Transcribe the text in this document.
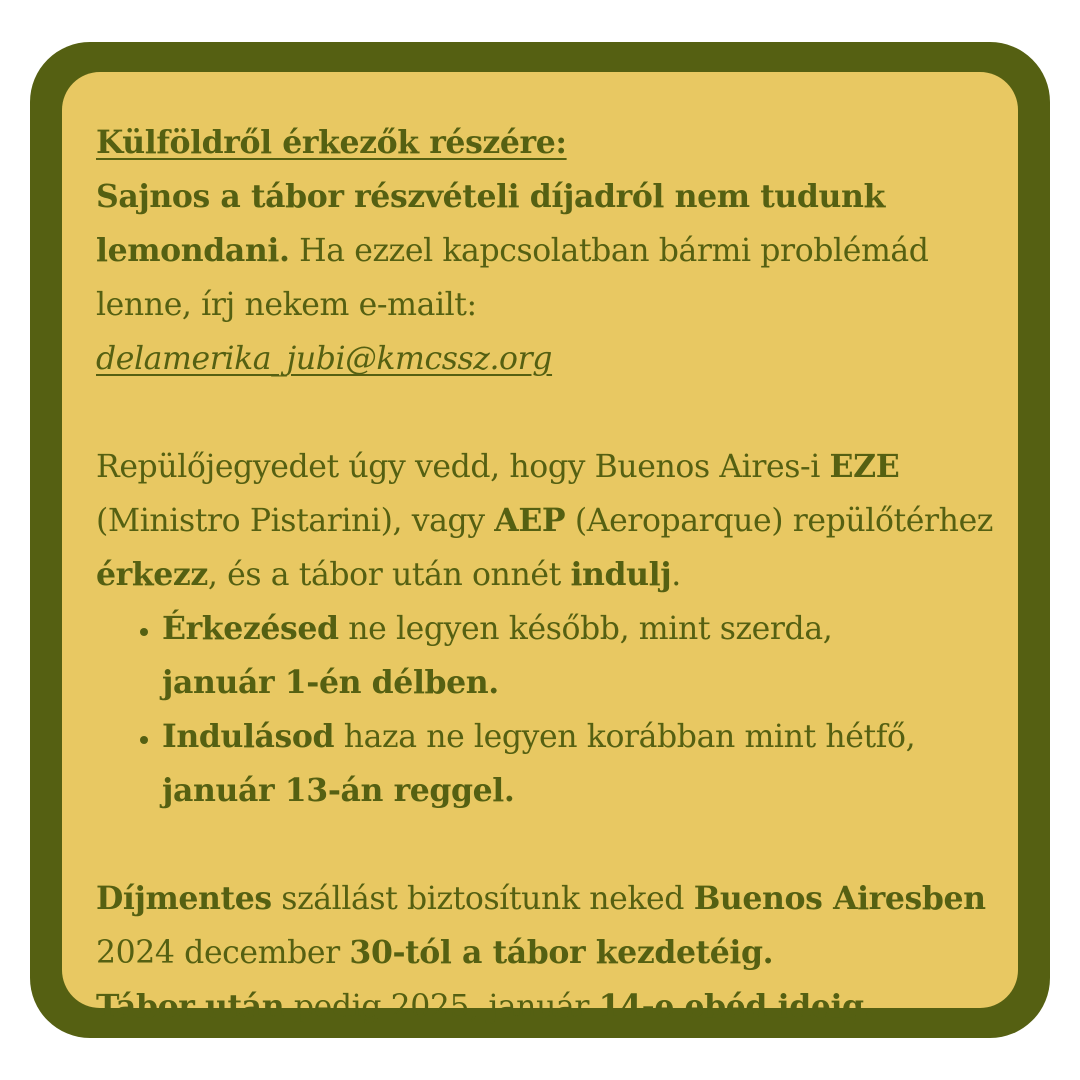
Külföldről érkezők részére:

Sajnos a tábor részvételi díjadról nem tudunk lemondani. Ha ezzel kapcsolatban bármi problémád lenne, írj nekem e-mailt:
delamerika_jubi@kmcssz.org

Repülőjegyedet úgy vedd, hogy Buenos Aires-i EZE (Ministro Pistarini), vagy AEP (Aeroparque) repülőtérhez érkezz, és a tábor után onnét indulj.

• Érkezésed ne legyen később, mint szerda,
január 1-én délben.
• Indulásod haza ne legyen korábban mint hétfő,
január 13-án reggel.

Díjmentes szállást biztosítunk neked Buenos Airesben 2024 december 30-tól a tábor kezdetéig.
Tábor után pedig 2025, január 14-e ebéd ideig.
